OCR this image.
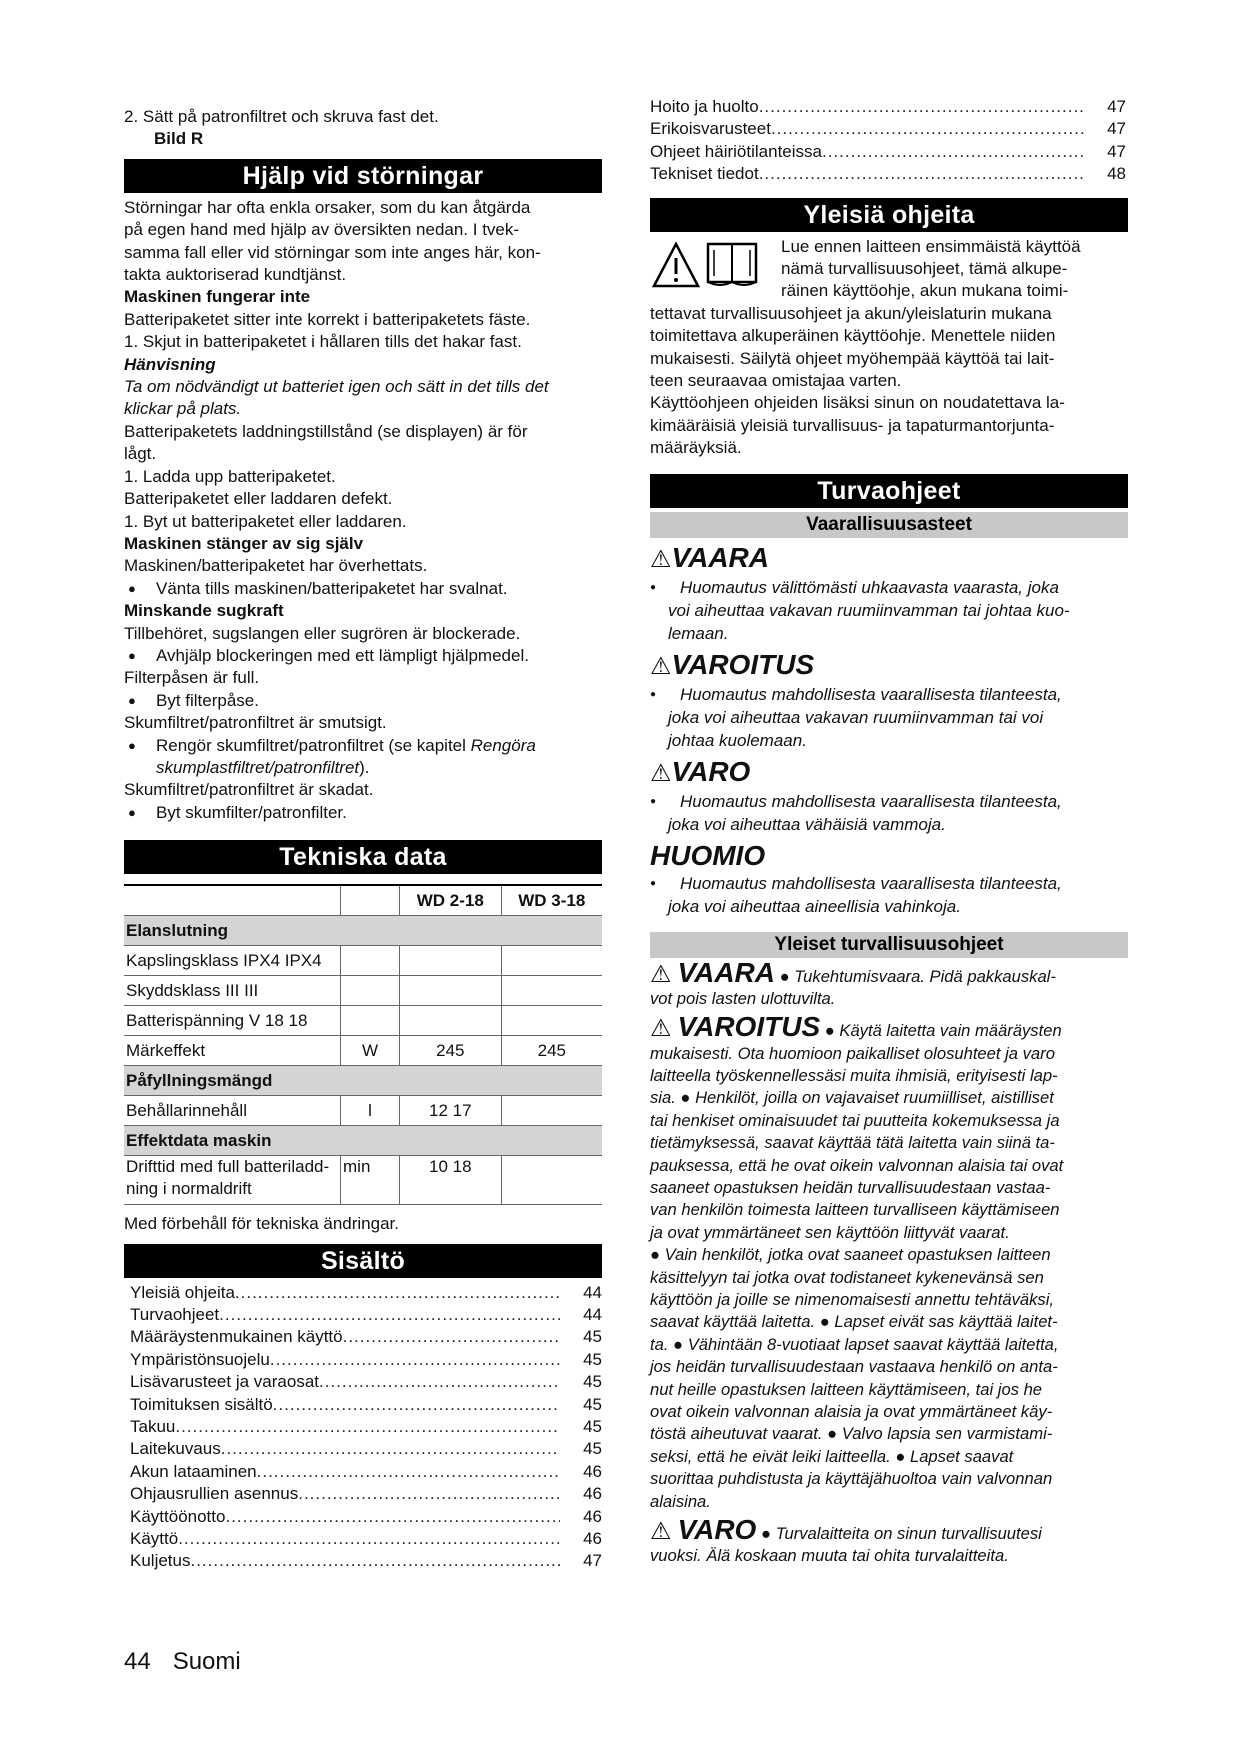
2. Sätt på patronfiltret och skruva fast det.

Bild R

Hjälp vid störningar

Störningar har ofta enkla orsaker, som du kan åtgärda

på egen hand med hjälp av översikten nedan. I tvek-

samma fall eller vid störningar som inte anges här, kon-

takta auktoriserad kundtjänst.

Maskinen fungerar inte

Batteripaketet sitter inte korrekt i batteripaketets fäste.

1. Skjut in batteripaketet i hållaren tills det hakar fast.

Hänvisning

Ta om nödvändigt ut batteriet igen och sätt in det tills det

klickar på plats.

Batteripaketets laddningstillstånd (se displayen) är för

lågt.

1. Ladda upp batteripaketet.

Batteripaketet eller laddaren defekt.

1. Byt ut batteripaketet eller laddaren.

Maskinen stänger av sig själv

Maskinen/batteripaketet har överhettats.

● Vänta tills maskinen/batteripaketet har svalnat.

Minskande sugkraft

Tillbehöret, sugslangen eller sugrören är blockerade.

● Avhjälp blockeringen med ett lämpligt hjälpmedel.

Filterpåsen är full.

● Byt filterpåse.

Skumfiltret/patronfiltret är smutsigt.

● Rengör skumfiltret/patronfiltret (se kapitel Rengöra

skumplastfiltret/patronfiltret).

Skumfiltret/patronfiltret är skadat.

● Byt skumfilter/patronfilter.

Tekniska data
		WD 2-18	WD 3-18
Elanslutning			
Kapslingsklass IPX4 IPX4			
Skyddsklass III III			
Batterispänning V 18 18			
Märkeffekt	W	245	245
Påfyllningsmängd			
Behållarinnehåll	l	12 17	
Effektdata maskin			
Drifttid med full batteriladd-ning i normaldrift	min	10 18	

Med förbehåll för tekniska ändringar.

Sisältö
Yleisiä ohjeita .....	44
Turvaohjeet .....	44
Määräystenmukainen käyttö .....	45
Ympäristönsuojelu .....	45
Lisävarusteet ja varaosat .....	45
Toimituksen sisältö .....	45
Takuu .....	45
Laitekuvaus .....	45
Akun lataaminen .....	46
Ohjausrullien asennus .....	46
Käyttöönotto .....	46
Käyttö .....	46
Kuljetus .....	47
Hoito ja huolto .....	47
Erikoisvarusteet .....	47
Ohjeet häiriötilanteissa .....	47
Tekniset tiedot .....	48
Yleisiä ohjeita

Lue ennen laitteen ensimmäistä käyttöä

nämä turvallisuusohjeet, tämä alkupe-

räinen käyttöohje, akun mukana toimi-

tettavat turvallisuusohjeet ja akun/yleislaturin mukana

toimitettava alkuperäinen käyttöohje. Menettele niiden

mukaisesti. Säilytä ohjeet myöhempää käyttöä tai lait-

teen seuraavaa omistajaa varten.

Käyttöohjeen ohjeiden lisäksi sinun on noudatettava la-

kimääräisiä yleisiä turvallisuus- ja tapaturmantorjunta-

määräyksiä.

Turvaohjeet
Vaarallisuusasteet
⚠VAARA

● Huomautus välittömästi uhkaavasta vaarasta, joka

voi aiheuttaa vakavan ruumiinvamman tai johtaa kuo-

lemaan.

⚠VAROITUS

● Huomautus mahdollisesta vaarallisesta tilanteesta,

joka voi aiheuttaa vakavan ruumiinvamman tai voi

johtaa kuolemaan.

⚠VARO

● Huomautus mahdollisesta vaarallisesta tilanteesta,

joka voi aiheuttaa vähäisiä vammoja.

HUOMIO

● Huomautus mahdollisesta vaarallisesta tilanteesta,

joka voi aiheuttaa aineellisia vahinkoja.

Yleiset turvallisuusohjeet
⚠ VAARA ● Tukehtumisvaara. Pidä pakkauskal-

vot pois lasten ulottuvilta.

⚠ VAROITUS ● Käytä laitetta vain määräysten

mukaisesti. Ota huomioon paikalliset olosuhteet ja varo

laitteella työskennellessäsi muita ihmisiä, erityisesti lap-

sia. ● Henkilöt, joilla on vajavaiset ruumiilliset, aistilliset

tai henkiset ominaisuudet tai puutteita kokemuksessa ja

tietämyksessä, saavat käyttää tätä laitetta vain siinä ta-

pauksessa, että he ovat oikein valvonnan alaisia tai ovat

saaneet opastuksen heidän turvallisuudestaan vastaa-

van henkilön toimesta laitteen turvalliseen käyttämiseen

ja ovat ymmärtäneet sen käyttöön liittyvät vaarat.

● Vain henkilöt, jotka ovat saaneet opastuksen laitteen

käsittelyyn tai jotka ovat todistaneet kykenevänsä sen

käyttöön ja joille se nimenomaisesti annettu tehtäväksi,

saavat käyttää laitetta. ● Lapset eivät sas käyttää laitet-

ta. ● Vähintään 8-vuotiaat lapset saavat käyttää laitetta,

jos heidän turvallisuudestaan vastaava henkilö on anta-

nut heille opastuksen laitteen käyttämiseen, tai jos he

ovat oikein valvonnan alaisia ja ovat ymmärtäneet käy-

töstä aiheutuvat vaarat. ● Valvo lapsia sen varmistami-

seksi, että he eivät leiki laitteella. ● Lapset saavat

suorittaa puhdistusta ja käyttäjähuoltoa vain valvonnan

alaisina.

⚠ VARO ● Turvalaitteita on sinun turvallisuutesi

vuoksi. Älä koskaan muuta tai ohita turvalaitteita.

44 Suomi
